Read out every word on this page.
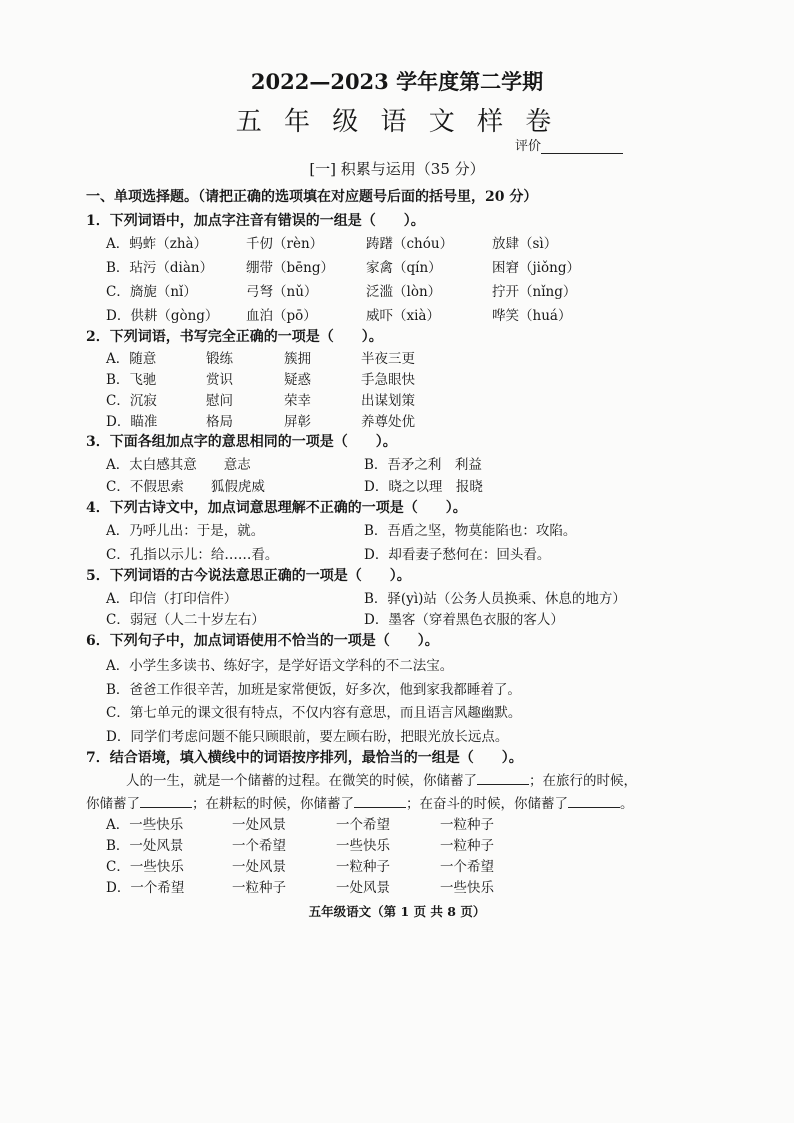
2022—2023 学年度第二学期
五 年 级 语 文 样 卷
评价
[一] 积累与运用（35 分）
一、单项选择题。（请把正确的选项填在对应题号后面的括号里，20 分）
1．下列词语中，加点字注音有错误的一组是（　　）。
A．蚂蚱（zhà）	千仞（rèn）	踌躇（chóu）	放肆（sì）
B．玷污（diàn） 绷带（bēng） 家禽（qín）	困窘（jiǒng）
C．旖旎（nǐ）	弓弩（nǔ）	泛滥（lòn）	拧开（nǐng）
D．供耕（gòng） 血泊（pō）	威吓（xià）	哗笑（huá）
2．下列词语，书写完全正确的一项是（　　）。
A．随意	锻练	簇拥	半夜三更
B．飞驰	赏识	疑惑	手急眼快
C．沉寂	慰问	荣幸	出谋划策
D．瞄准	格局	屏彰	养尊处优
3．下面各组加点字的意思相同的一项是（　　）。
A．太白感其意　　意志	B．吾矛之利　利益
C．不假思索　　狐假虎威	D．晓之以理　报晓
4．下列古诗文中，加点词意思理解不正确的一项是（　　）。
A．乃呼儿出：于是，就。	B．吾盾之坚，物莫能陷也：攻陷。
C．孔指以示儿：给……看。	D．却看妻子愁何在：回头看。
5．下列词语的古今说法意思正确的一项是（　　）。
A．印信（打印信件）	B．驿(yì)站（公务人员换乘、休息的地方）
C．弱冠（人二十岁左右）	D．墨客（穿着黑色衣服的客人）
6．下列句子中，加点词语使用不恰当的一项是（　　）。
A．小学生多读书、练好字，是学好语文学科的不二法宝。
B．爸爸工作很辛苦，加班是家常便饭，好多次，他到家我都睡着了。
C．第七单元的课文很有特点，不仅内容有意思，而且语言风趣幽默。
D．同学们考虑问题不能只顾眼前，要左顾右盼，把眼光放长远点。
7．结合语境，填入横线中的词语按序排列，最恰当的一组是（　　）。
人的一生，就是一个储蓄的过程。在微笑的时候，你储蓄了	；在旅行的时候，
你储蓄了	；在耕耘的时候，你储蓄了	；在奋斗的时候，你储蓄了	。
A．一些快乐	一处风景	一个希望	一粒种子
B．一处风景	一个希望	一些快乐	一粒种子
C．一些快乐	一处风景	一粒种子	一个希望
D．一个希望	一粒种子	一处风景	一些快乐
五年级语文（第 1 页 共 8 页）
